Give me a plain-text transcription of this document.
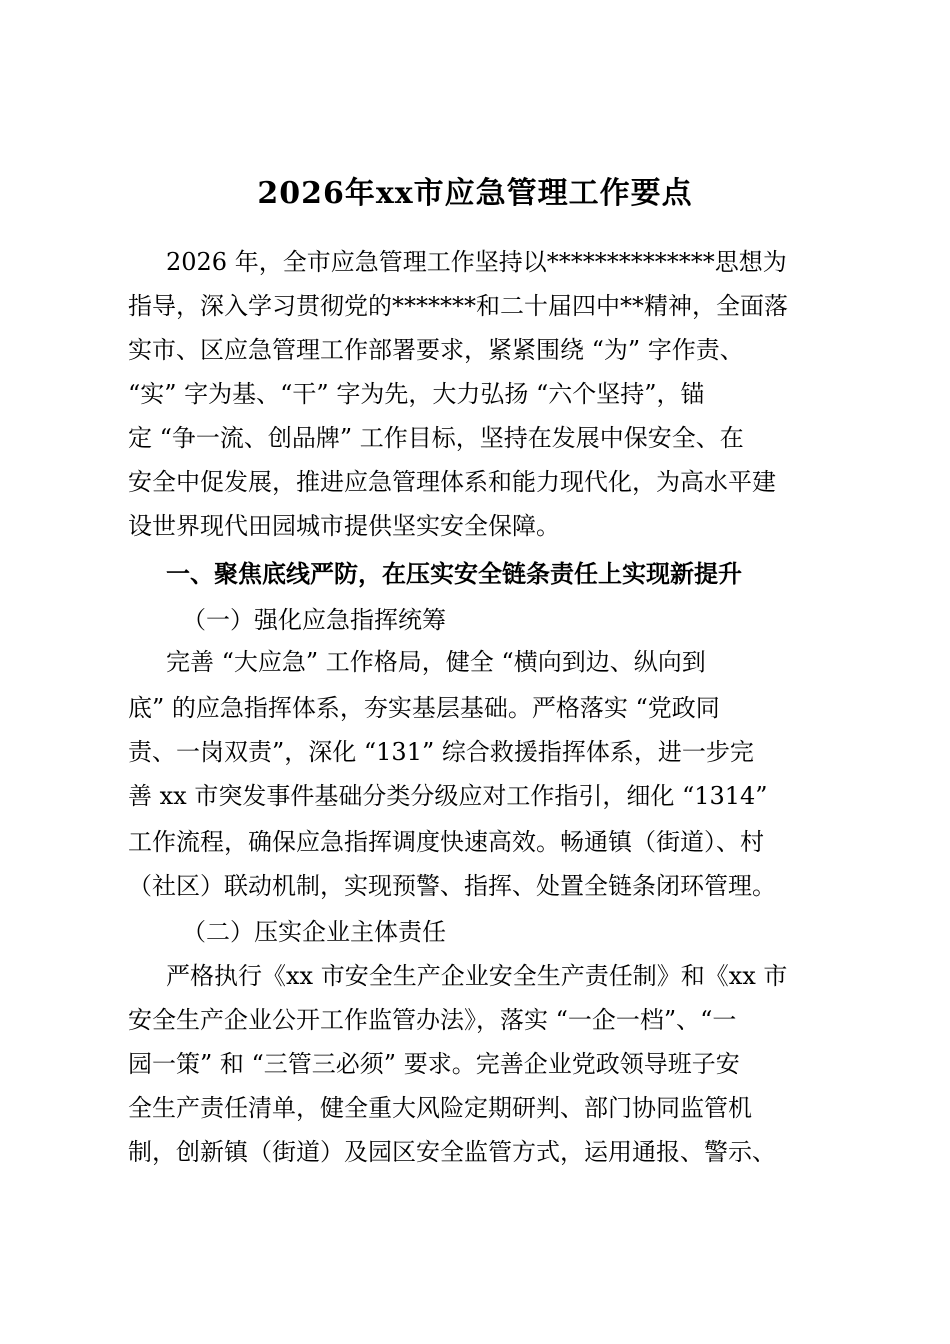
2026年xx市应急管理工作要点
2026 年，全市应急管理工作坚持以**************思想为
指导，深入学习贯彻党的*******和二十届四中**精神，全面落
实市、区应急管理工作部署要求，紧紧围绕 “为” 字作责、
“实” 字为基、“干” 字为先，大力弘扬 “六个坚持”，锚
定 “争一流、创品牌” 工作目标，坚持在发展中保安全、在
安全中促发展，推进应急管理体系和能力现代化，为高水平建
设世界现代田园城市提供坚实安全保障。
一、聚焦底线严防，在压实安全链条责任上实现新提升
（一）强化应急指挥统筹
完善 “大应急” 工作格局，健全 “横向到边、纵向到
底” 的应急指挥体系，夯实基层基础。严格落实 “党政同
责、一岗双责”，深化 “131” 综合救援指挥体系，进一步完
善 xx 市突发事件基础分类分级应对工作指引，细化 “1314”
工作流程，确保应急指挥调度快速高效。畅通镇（街道）、村
（社区）联动机制，实现预警、指挥、处置全链条闭环管理。
（二）压实企业主体责任
严格执行《xx 市安全生产企业安全生产责任制》和《xx 市
安全生产企业公开工作监管办法》，落实 “一企一档”、“一
园一策” 和 “三管三必须” 要求。完善企业党政领导班子安
全生产责任清单，健全重大风险定期研判、部门协同监管机
制，创新镇（街道）及园区安全监管方式，运用通报、警示、
